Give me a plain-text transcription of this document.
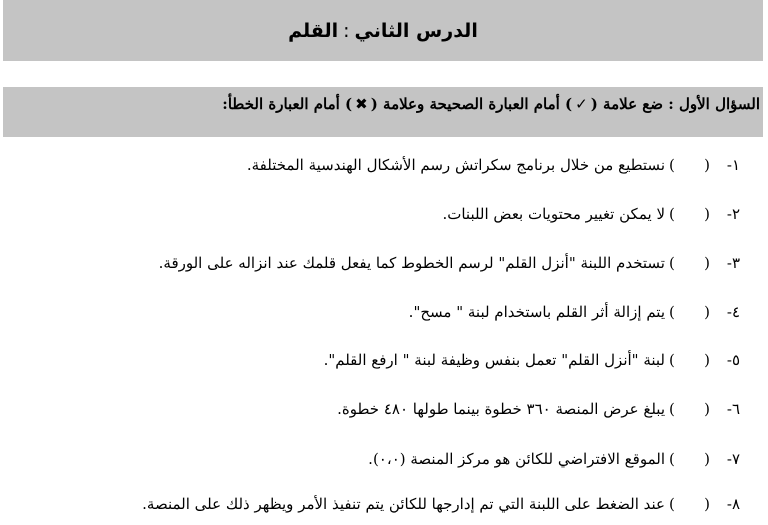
الدرس الثاني:القلم
السؤال الأول : ضع علامة (✓) أمام العبارة الصحيحة وعلامة (✖) أمام العبارة الخطأ:
١-
(
)
نستطيع من خلال برنامج سكراتش رسم الأشكال الهندسية المختلفة.
٢-
(
)
لا يمكن تغيير محتويات بعض اللبنات.
٣-
(
)
تستخدم اللبنة "أنزل القلم" لرسم الخطوط كما يفعل قلمك عند انزاله على الورقة.
٤-
(
)
يتم إزالة أثر القلم باستخدام لبنة " مسح".
٥-
(
)
لبنة "أنزل القلم" تعمل بنفس وظيفة لبنة " ارفع القلم".
٦-
(
)
يبلغ عرض المنصة ٣٦٠ خطوة بينما طولها ٤٨٠ خطوة.
٧-
(
)
الموقع الافتراضي للكائن هو مركز المنصة (٠،٠).
٨-
(
)
عند الضغط على اللبنة التي تم إدارجها للكائن يتم تنفيذ الأمر ويظهر ذلك على المنصة.
